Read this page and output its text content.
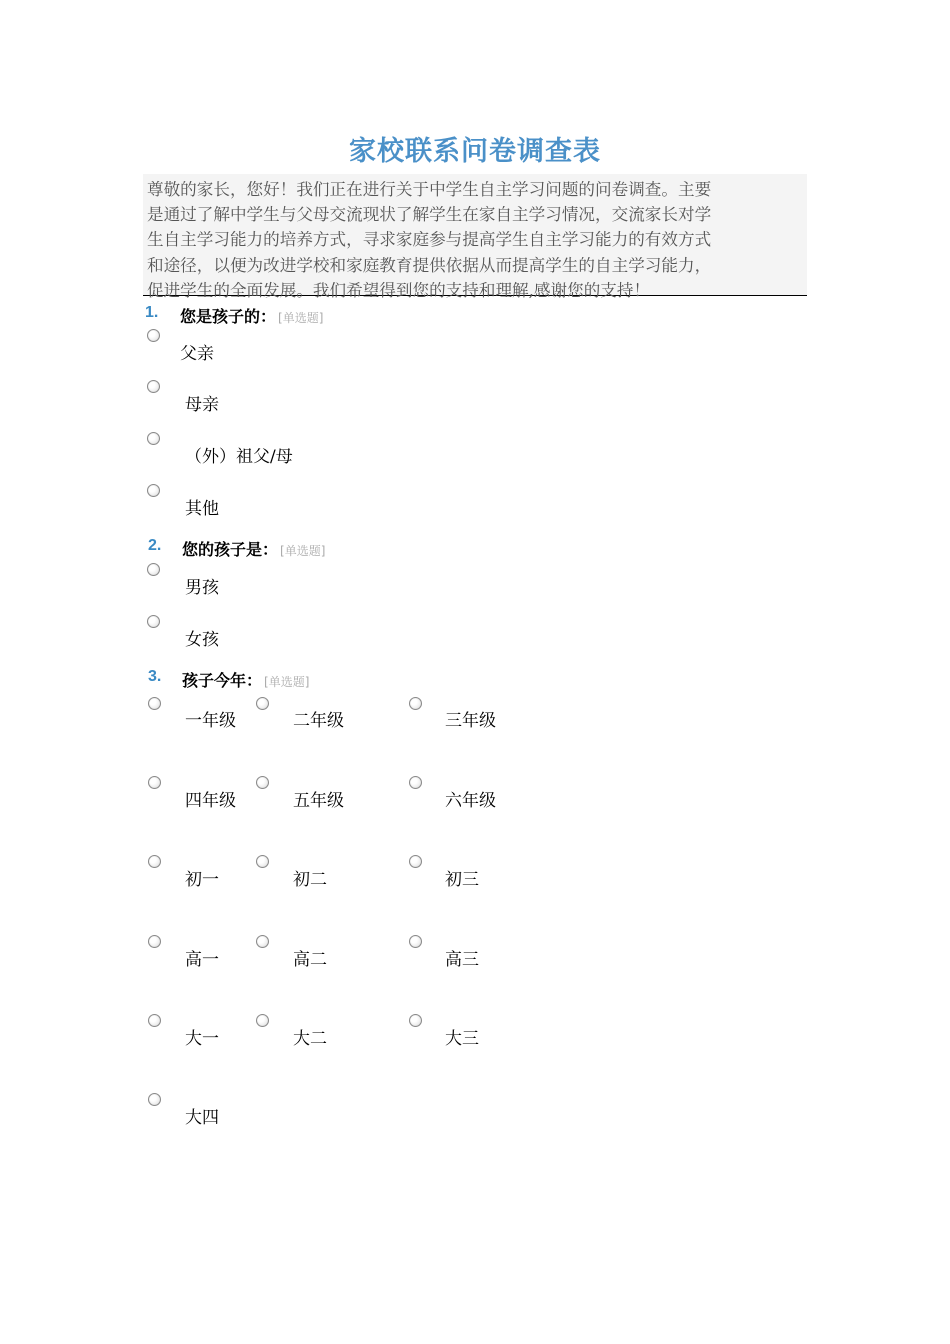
家校联系问卷调查表
尊敬的家长，您好！我们正在进行关于中学生自主学习问题的问卷调查。主要
是通过了解中学生与父母交流现状了解学生在家自主学习情况，交流家长对学
生自主学习能力的培养方式，寻求家庭参与提高学生自主学习能力的有效方式
和途径，以便为改进学校和家庭教育提供依据从而提高学生的自主学习能力，
促进学生的全面发展。我们希望得到您的支持和理解,感谢您的支持！
1. 您是孩子的： [单选题]
父亲
母亲
（外）祖父/母
其他
2. 您的孩子是： [单选题]
男孩
女孩
3. 孩子今年： [单选题]
一年级	二年级	三年级
四年级	五年级	六年级
初一	初二	初三
高一	高二	高三
大一	大二	大三
大四
